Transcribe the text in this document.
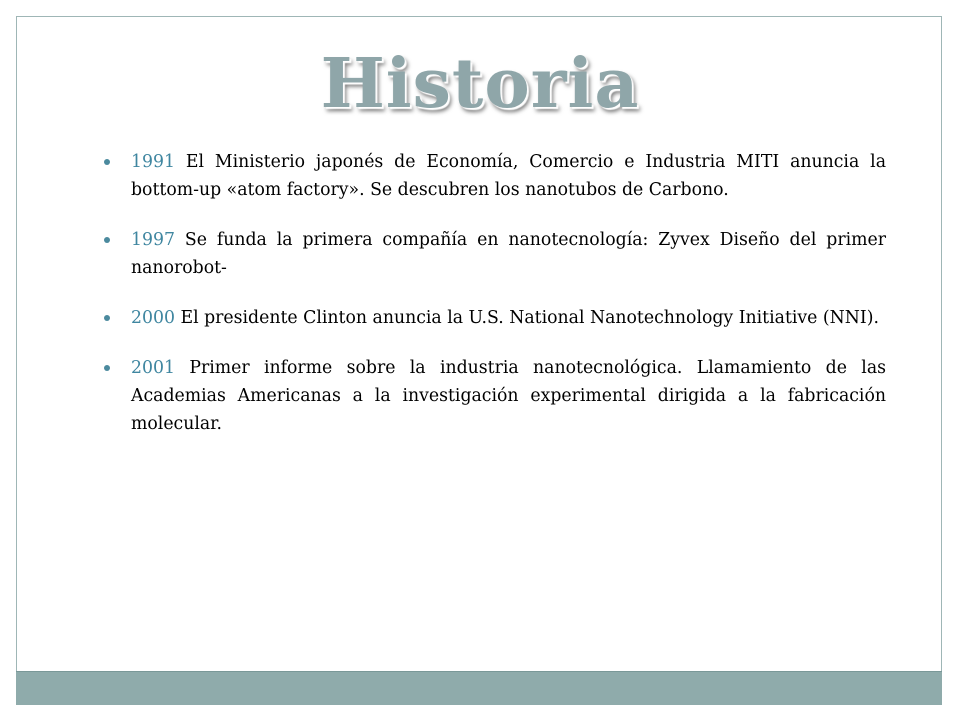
Historia
1991 El Ministerio japonés de Economía, Comercio e Industria MITI anuncia la bottom-up «atom factory». Se descubren los nanotubos de Carbono.
1997 Se funda la primera compañía en nanotecnología: Zyvex Diseño del primer nanorobot-
2000 El presidente Clinton anuncia la U.S. National Nanotechnology Initiative (NNI).
2001 Primer informe sobre la industria nanotecnológica. Llamamiento de las Academias Americanas a la investigación experimental dirigida a la fabricación molecular.
